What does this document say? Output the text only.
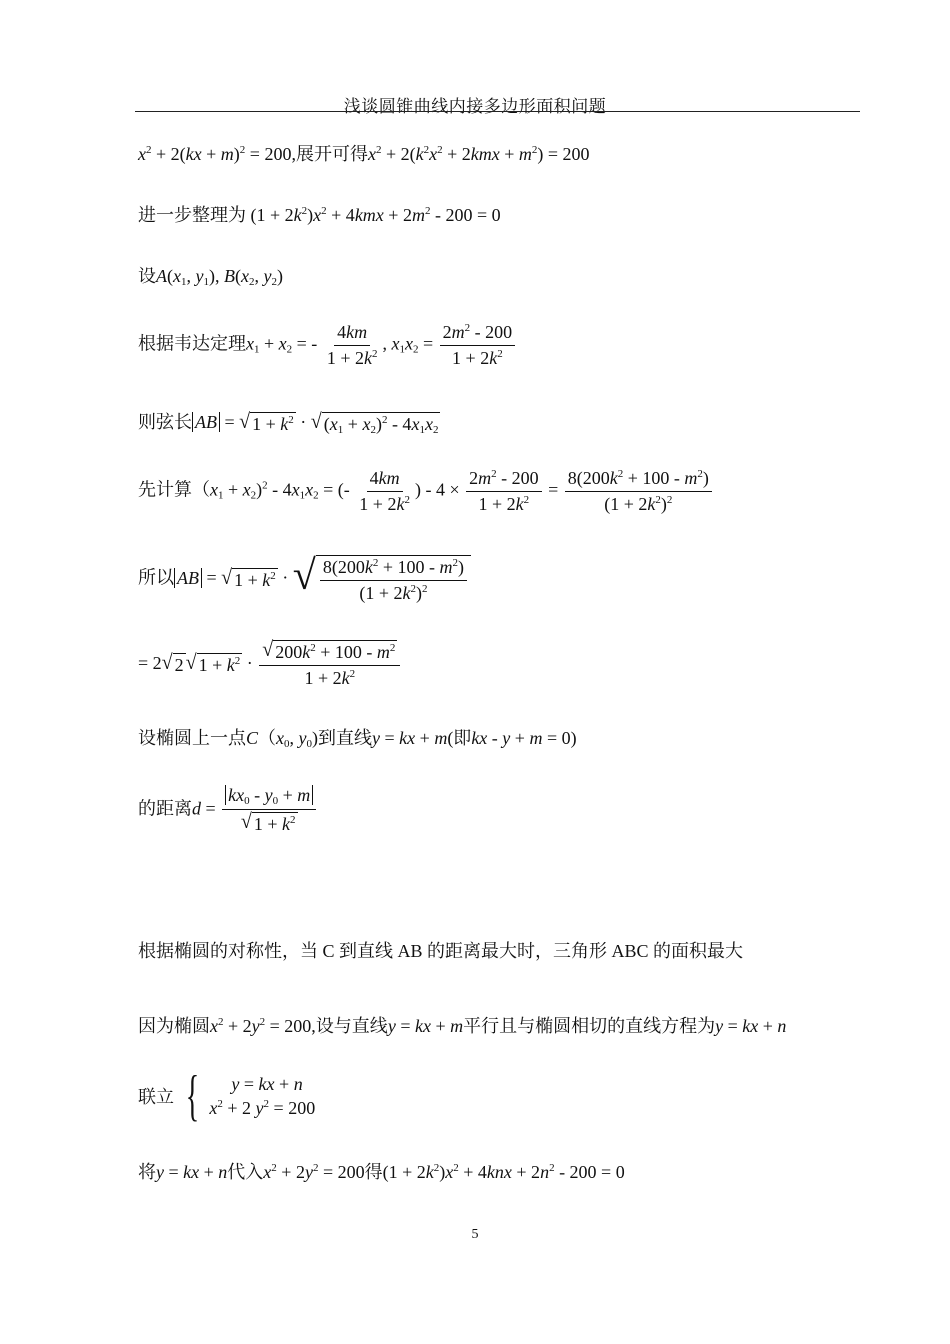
浅谈圆锥曲线内接多边形面积问题
$x^2 + 2(kx + m)^2 = 200$,展开可得$x^2 + 2(k^2x^2 + 2kmx + m^2) = 200$
进一步整理为 $(1 + 2k^2)x^2 + 4kmx + 2m^2 - 200 = 0$
设$A(x_1$, $y_1$), $B(x_2$, $y_2$)
根据韦达定理$x_1 + x_2$ = - $\frac{4km}{1 + 2k^2}$ , $x_1x_2 = \frac{2m^2 - 200}{1 + 2k^2}$
则弦长 AB = √ $1 + k^2$ · √ $(x_1 + x_2)^2 - 4x_1x_2$
先计算$(x_1 + x_2)^2 - 4x_1x_2$ = (- $\frac{4km}{1 + 2k^2}$ ) - $4 \times \frac{2m^2 - 200}{1 + 2k^2} = \frac{8(200k^2 + 100 - m^2)}{(1 + 2k^2)^2}$
所以 AB = √ $1 + k^2$ · √ $\frac{8(200k^2 + 100 - m^2)}{(1 + 2k^2)^2}$
= 2 √ 2 √ $1 + k^2 \cdot \frac{√ 200k^2 + 100 - m^2}{1 + 2k^2}$
设椭圆上一点$C(x_0$, $y_0$)到直线y = kx + m(即kx - y + m = 0)
的距离$d = \frac{kx_0 - y_0 + m}{√ 1 + k^2}$
根据椭圆的对称性，当 C 到直线 AB 的距离最大时，三角形 ABC 的面积最大
因为椭圆$x^2 + 2y^2 = 200$,设与直线y = kx + m平行且与椭圆相切的直线方程为y = kx + n
联立 {	y = kx + n
$x^2 + 2$ $y^2 = 200$
将y = kx + n代入$x^2 + 2y^2 = 200$得$(1 + 2k^2)x^2 + 4knx + 2n^2 - 200 = 0$
5
